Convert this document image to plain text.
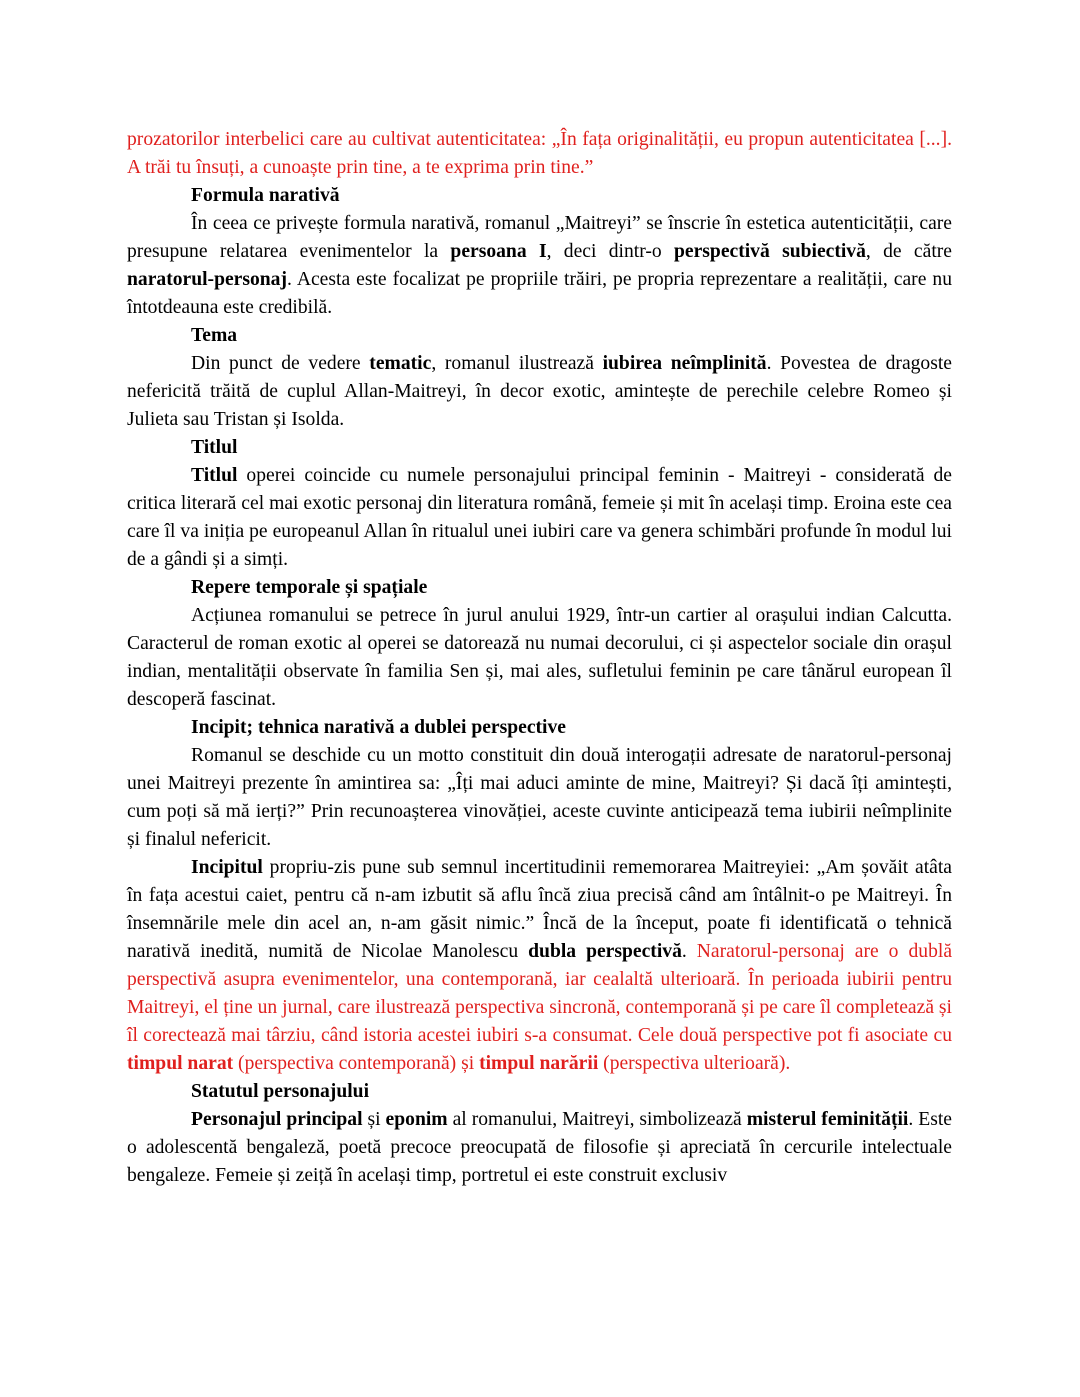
prozatorilor interbelici care au cultivat autenticitatea: „În fața originalității, eu propun autenticitatea [...]. A trăi tu însuți, a cunoaște prin tine, a te exprima prin tine.”

Formula narativă

În ceea ce privește formula narativă, romanul „Maitreyi” se înscrie în estetica autenticității, care presupune relatarea evenimentelor la persoana I, deci dintr-o perspectivă subiectivă, de către naratorul-personaj. Acesta este focalizat pe propriile trăiri, pe propria reprezentare a realității, care nu întotdeauna este credibilă.

Tema

Din punct de vedere tematic, romanul ilustrează iubirea neîmplinită. Povestea de dragoste nefericită trăită de cuplul Allan-Maitreyi, în decor exotic, amintește de perechile celebre Romeo și Julieta sau Tristan și Isolda.

Titlul

Titlul operei coincide cu numele personajului principal feminin - Maitreyi - considerată de critica literară cel mai exotic personaj din literatura română, femeie și mit în același timp. Eroina este cea care îl va iniția pe europeanul Allan în ritualul unei iubiri care va genera schimbări profunde în modul lui de a gândi și a simți.

Repere temporale și spațiale

Acțiunea romanului se petrece în jurul anului 1929, într-un cartier al orașului indian Calcutta. Caracterul de roman exotic al operei se datorează nu numai decorului, ci și aspectelor sociale din orașul indian, mentalității observate în familia Sen și, mai ales, sufletului feminin pe care tânărul european îl descoperă fascinat.

Incipit; tehnica narativă a dublei perspective

Romanul se deschide cu un motto constituit din două interogații adresate de naratorul-personaj unei Maitreyi prezente în amintirea sa: „Îți mai aduci aminte de mine, Maitreyi? Și dacă îți amintești, cum poți să mă ierți?” Prin recunoașterea vinovăției, aceste cuvinte anticipează tema iubirii neîmplinite și finalul nefericit.

Incipitul propriu-zis pune sub semnul incertitudinii rememorarea Maitreyiei: „Am șovăit atâta în fața acestui caiet, pentru că n-am izbutit să aflu încă ziua precisă când am întâlnit-o pe Maitreyi. În însemnările mele din acel an, n-am găsit nimic.” Încă de la început, poate fi identificată o tehnică narativă inedită, numită de Nicolae Manolescu dubla perspectivă. Naratorul-personaj are o dublă perspectivă asupra evenimentelor, una contemporană, iar cealaltă ulterioară. În perioada iubirii pentru Maitreyi, el ține un jurnal, care ilustrează perspectiva sincronă, contemporană și pe care îl completează și îl corectează mai târziu, când istoria acestei iubiri s-a consumat. Cele două perspective pot fi asociate cu timpul narat (perspectiva contemporană) și timpul narării (perspectiva ulterioară).

Statutul personajului

Personajul principal și eponim al romanului, Maitreyi, simbolizează misterul feminității. Este o adolescentă bengaleză, poetă precoce preocupată de filosofie și apreciată în cercurile intelectuale bengaleze. Femeie și zeiță în același timp, portretul ei este construit exclusiv
